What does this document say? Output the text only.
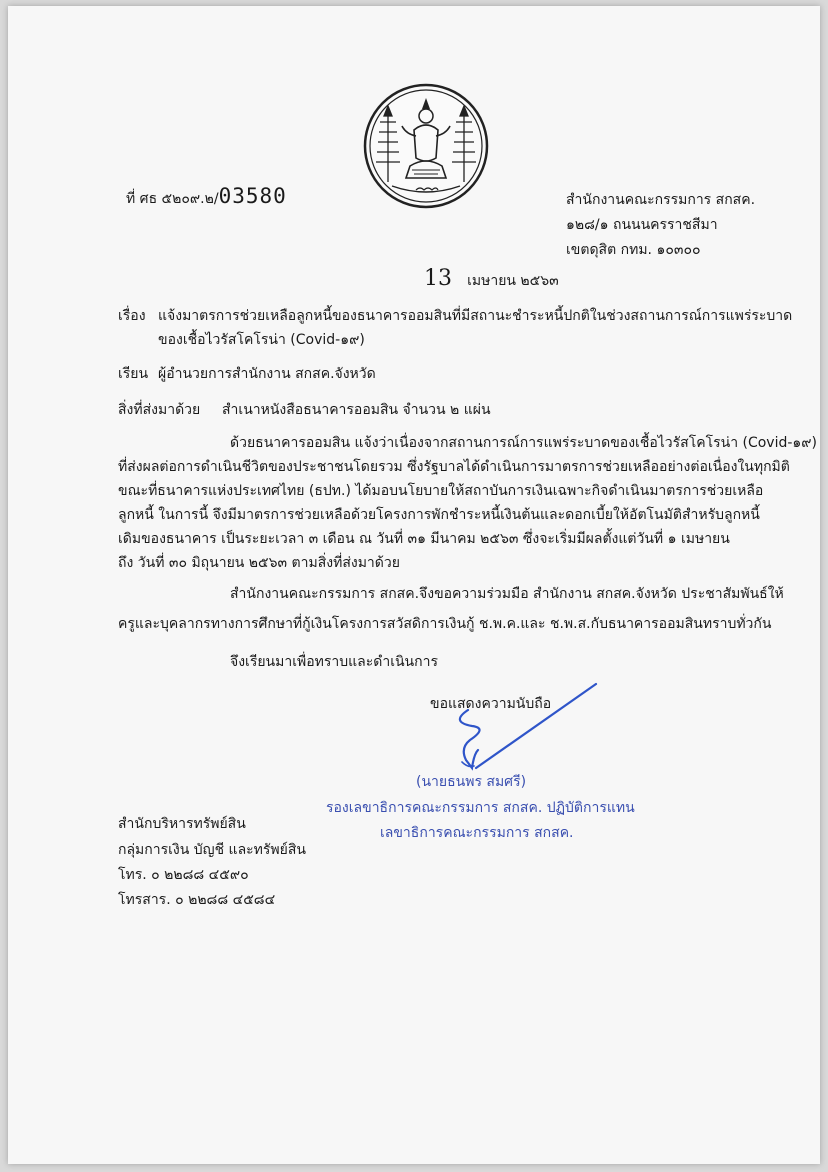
ที่ ศธ ๕๒๐๙.๒/03580	สำนักงานคณะกรรมการ สกสค.
๑๒๘/๑ ถนนนครราชสีมา
เขตดุสิต กทม. ๑๐๓๐๐
13 เมษายน ๒๕๖๓
เรื่อง แจ้งมาตรการช่วยเหลือลูกหนี้ของธนาคารออมสินที่มีสถานะชำระหนี้ปกติในช่วงสถานการณ์การแพร่ระบาด
ของเชื้อไวรัสโคโรน่า (Covid-๑๙)
เรียน ผู้อำนวยการสำนักงาน สกสค.จังหวัด
สิ่งที่ส่งมาด้วย สำเนาหนังสือธนาคารออมสิน จำนวน ๒ แผ่น
ด้วยธนาคารออมสิน แจ้งว่าเนื่องจากสถานการณ์การแพร่ระบาดของเชื้อไวรัสโคโรน่า (Covid-๑๙)
ที่ส่งผลต่อการดำเนินชีวิตของประชาชนโดยรวม ซึ่งรัฐบาลได้ดำเนินการมาตรการช่วยเหลืออย่างต่อเนื่องในทุกมิติ
ขณะที่ธนาคารแห่งประเทศไทย (ธปท.) ได้มอบนโยบายให้สถาบันการเงินเฉพาะกิจดำเนินมาตรการช่วยเหลือ
ลูกหนี้ ในการนี้ จึงมีมาตรการช่วยเหลือด้วยโครงการพักชำระหนี้เงินต้นและดอกเบี้ยให้อัตโนมัติสำหรับลูกหนี้
เดิมของธนาคาร เป็นระยะเวลา ๓ เดือน ณ วันที่ ๓๑ มีนาคม ๒๕๖๓ ซึ่งจะเริ่มมีผลตั้งแต่วันที่ ๑ เมษายน
ถึง วันที่ ๓๐ มิถุนายน ๒๕๖๓ ตามสิ่งที่ส่งมาด้วย
สำนักงานคณะกรรมการ สกสค.จึงขอความร่วมมือ สำนักงาน สกสค.จังหวัด ประชาสัมพันธ์ให้
ครูและบุคลากรทางการศึกษาที่กู้เงินโครงการสวัสดิการเงินกู้ ช.พ.ค.และ ช.พ.ส.กับธนาคารออมสินทราบทั่วกัน
จึงเรียนมาเพื่อทราบและดำเนินการ
ขอแสดงความนับถือ
(นายธนพร สมศรี)
รองเลขาธิการคณะกรรมการ สกสค. ปฏิบัติการแทน
เลขาธิการคณะกรรมการ สกสค.
สำนักบริหารทรัพย์สิน
กลุ่มการเงิน บัญชี และทรัพย์สิน
โทร. ๐ ๒๒๘๘ ๔๕๙๐
โทรสาร. ๐ ๒๒๘๘ ๔๕๘๔
